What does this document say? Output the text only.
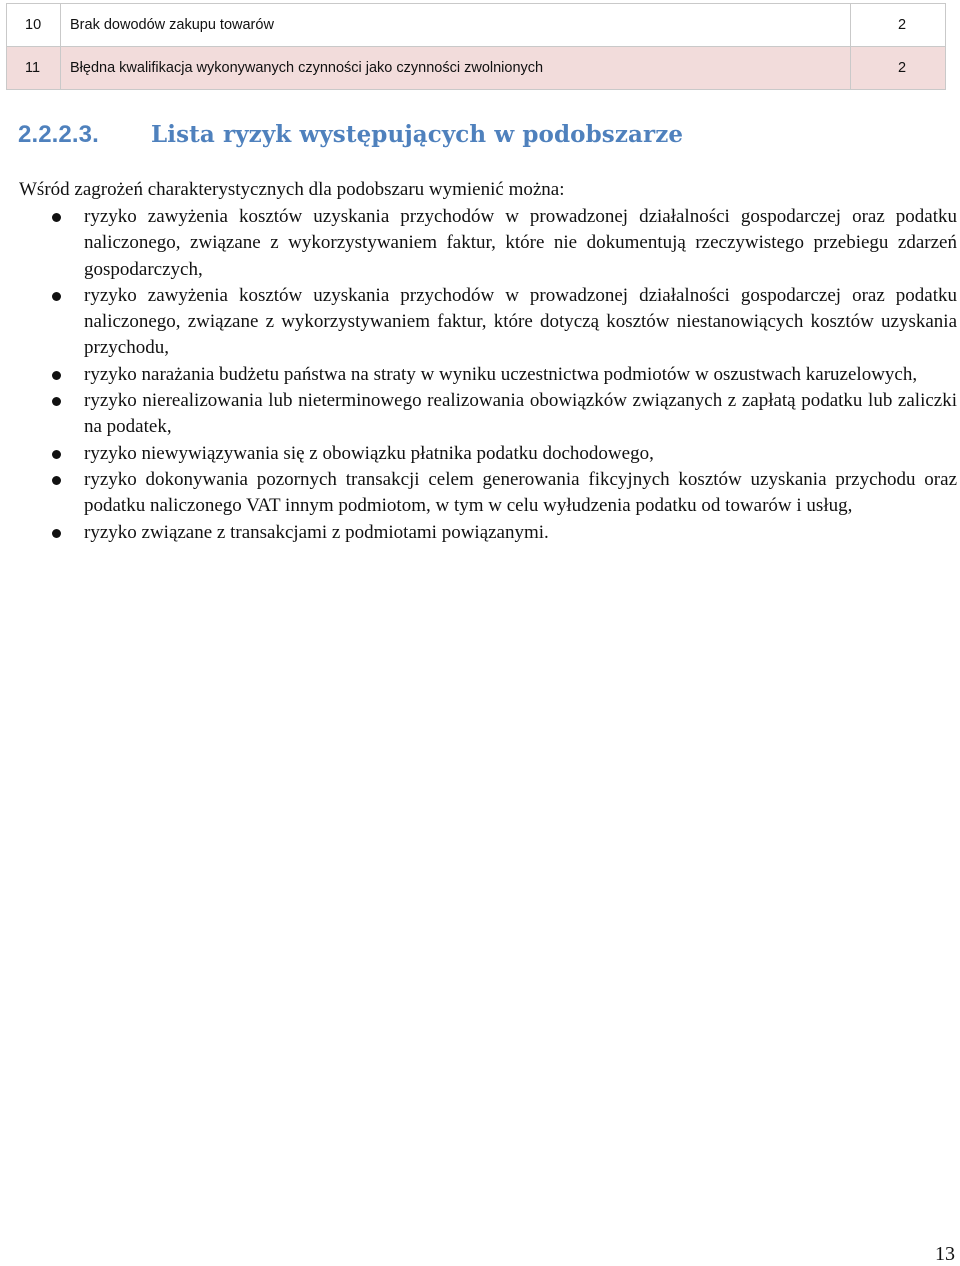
10	Brak dowodów zakupu towarów	2
11	Błędna kwalifikacja wykonywanych czynności jako czynności zwolnionych	2
2.2.2.3. Lista ryzyk występujących w podobszarze

Wśród zagrożeń charakterystycznych dla podobszaru wymienić można:

ryzyko zawyżenia kosztów uzyskania przychodów w prowadzonej działalności gospodarczej oraz podatku naliczonego, związane z wykorzystywaniem faktur, które nie dokumentują rzeczywistego przebiegu zdarzeń gospodarczych,
ryzyko zawyżenia kosztów uzyskania przychodów w prowadzonej działalności gospodarczej oraz podatku naliczonego, związane z wykorzystywaniem faktur, które dotyczą kosztów niestanowiących kosztów uzyskania przychodu,
ryzyko narażania budżetu państwa na straty w wyniku uczestnictwa podmiotów w oszustwach karuzelowych,
ryzyko nierealizowania lub nieterminowego realizowania obowiązków związanych z zapłatą podatku lub zaliczki na podatek,
ryzyko niewywiązywania się z obowiązku płatnika podatku dochodowego,
ryzyko dokonywania pozornych transakcji celem generowania fikcyjnych kosztów uzyskania przychodu oraz podatku naliczonego VAT innym podmiotom, w tym w celu wyłudzenia podatku od towarów i usług,
ryzyko związane z transakcjami z podmiotami powiązanymi.
13
